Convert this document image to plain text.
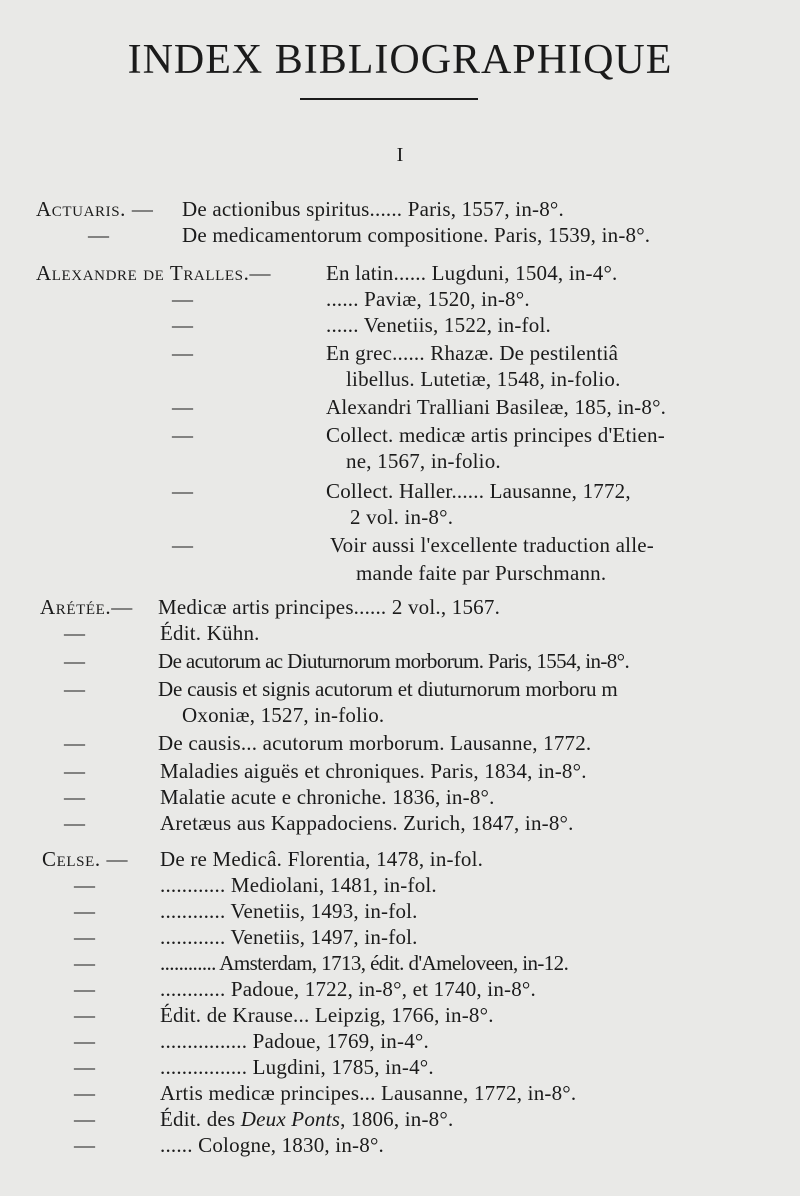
INDEX BIBLIOGRAPHIQUE
I
Actuaris. — De actionibus spiritus...... Paris, 1557, in-8°.
—	De medicamentorum compositione. Paris, 1539, in-8°.
Alexandre de Tralles.—	En latin...... Lugduni, 1504, in-4°.
—	...... Paviæ, 1520, in-8°.
—	...... Venetiis, 1522, in-fol.
—	En grec...... Rhazæ. De pestilentiâ
libellus. Lutetiæ, 1548, in-folio.
—	Alexandri Tralliani Basileæ, 185, in-8°.
—	Collect. medicæ artis principes d'Etien-
ne, 1567, in-folio.
—	Collect. Haller...... Lausanne, 1772,
2 vol. in-8°.
—	Voir aussi l'excellente traduction alle-
mande faite par Purschmann.
Arétée.— Medicæ artis principes...... 2 vol., 1567.
—	Édit. Kühn.
—	De acutorum ac Diuturnorum morborum. Paris, 1554, in-8°.
—	De causis et signis acutorum et diuturnorum morboru m
Oxoniæ, 1527, in-folio.
—	De causis... acutorum morborum. Lausanne, 1772.
—	Maladies aiguës et chroniques. Paris, 1834, in-8°.
—	Malatie acute e chroniche. 1836, in-8°.
—	Aretæus aus Kappadociens. Zurich, 1847, in-8°.
Celse. — De re Medicâ. Florentia, 1478, in-fol.
—	............ Mediolani, 1481, in-fol.
—	............ Venetiis, 1493, in-fol.
—	............ Venetiis, 1497, in-fol.
—	............ Amsterdam, 1713, édit. d'Ameloveen, in-12.
—	............ Padoue, 1722, in-8°, et 1740, in-8°.
—	Édit. de Krause... Leipzig, 1766, in-8°.
—	................ Padoue, 1769, in-4°.
—	................ Lugdini, 1785, in-4°.
—	Artis medicæ principes... Lausanne, 1772, in-8°.
—	Édit. des Deux Ponts, 1806, in-8°.
—	...... Cologne, 1830, in-8°.
